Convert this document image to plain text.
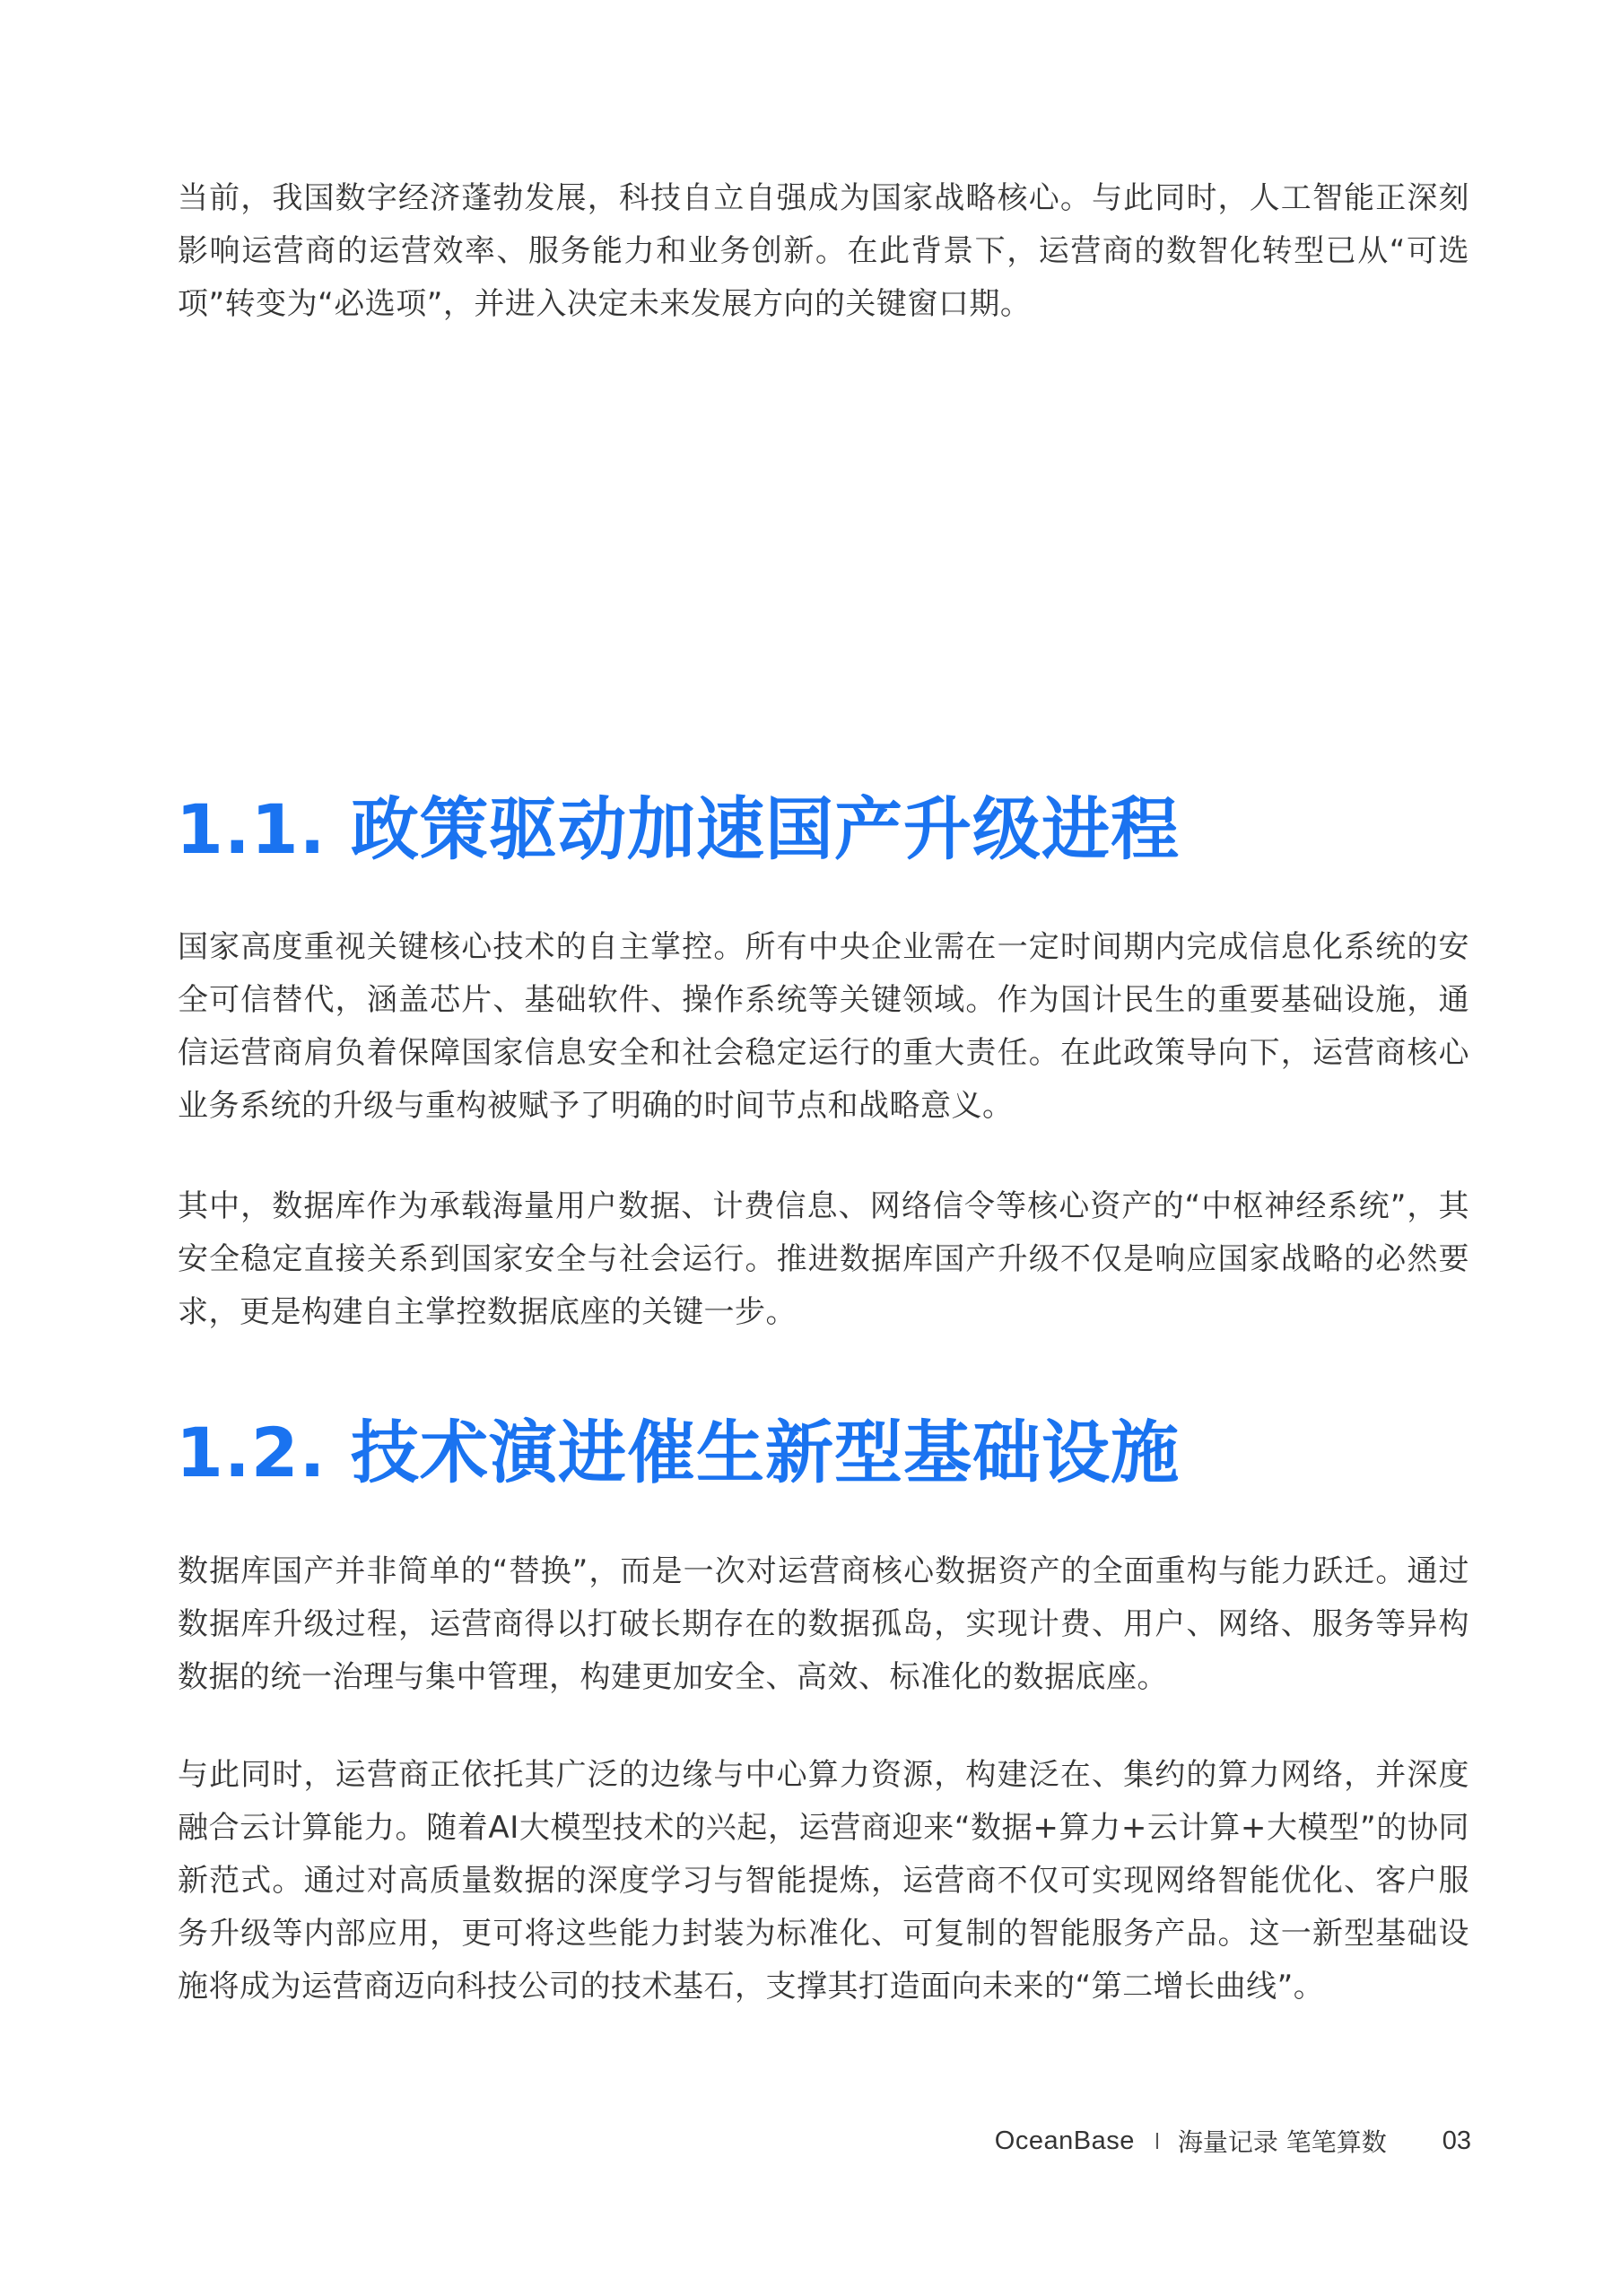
当前，我国数字经济蓬勃发展，科技自立自强成为国家战略核心。与此同时，人工智能正深刻影响运营商的运营效率、服务能力和业务创新。在此背景下，运营商的数智化转型已从“可选项”转变为“必选项”，并进入决定未来发展方向的关键窗口期。

1.1. 政策驱动加速国产升级进程

国家高度重视关键核心技术的自主掌控。所有中央企业需在一定时间期内完成信息化系统的安全可信替代，涵盖芯片、基础软件、操作系统等关键领域。作为国计民生的重要基础设施，通信运营商肩负着保障国家信息安全和社会稳定运行的重大责任。在此政策导向下，运营商核心业务系统的升级与重构被赋予了明确的时间节点和战略意义。

其中，数据库作为承载海量用户数据、计费信息、网络信令等核心资产的“中枢神经系统”，其安全稳定直接关系到国家安全与社会运行。推进数据库国产升级不仅是响应国家战略的必然要求，更是构建自主掌控数据底座的关键一步。

1.2. 技术演进催生新型基础设施

数据库国产并非简单的“替换”，而是一次对运营商核心数据资产的全面重构与能力跃迁。通过数据库升级过程，运营商得以打破长期存在的数据孤岛，实现计费、用户、网络、服务等异构数据的统一治理与集中管理，构建更加安全、高效、标准化的数据底座。

与此同时，运营商正依托其广泛的边缘与中心算力资源，构建泛在、集约的算力网络，并深度融合云计算能力。随着AI大模型技术的兴起，运营商迎来“数据+算力+云计算+大模型”的协同新范式。通过对高质量数据的深度学习与智能提炼，运营商不仅可实现网络智能优化、客户服务升级等内部应用，更可将这些能力封装为标准化、可复制的智能服务产品。这一新型基础设施将成为运营商迈向科技公司的技术基石，支撑其打造面向未来的“第二增长曲线”。

OceanBase 海量记录 笔笔算数 03
